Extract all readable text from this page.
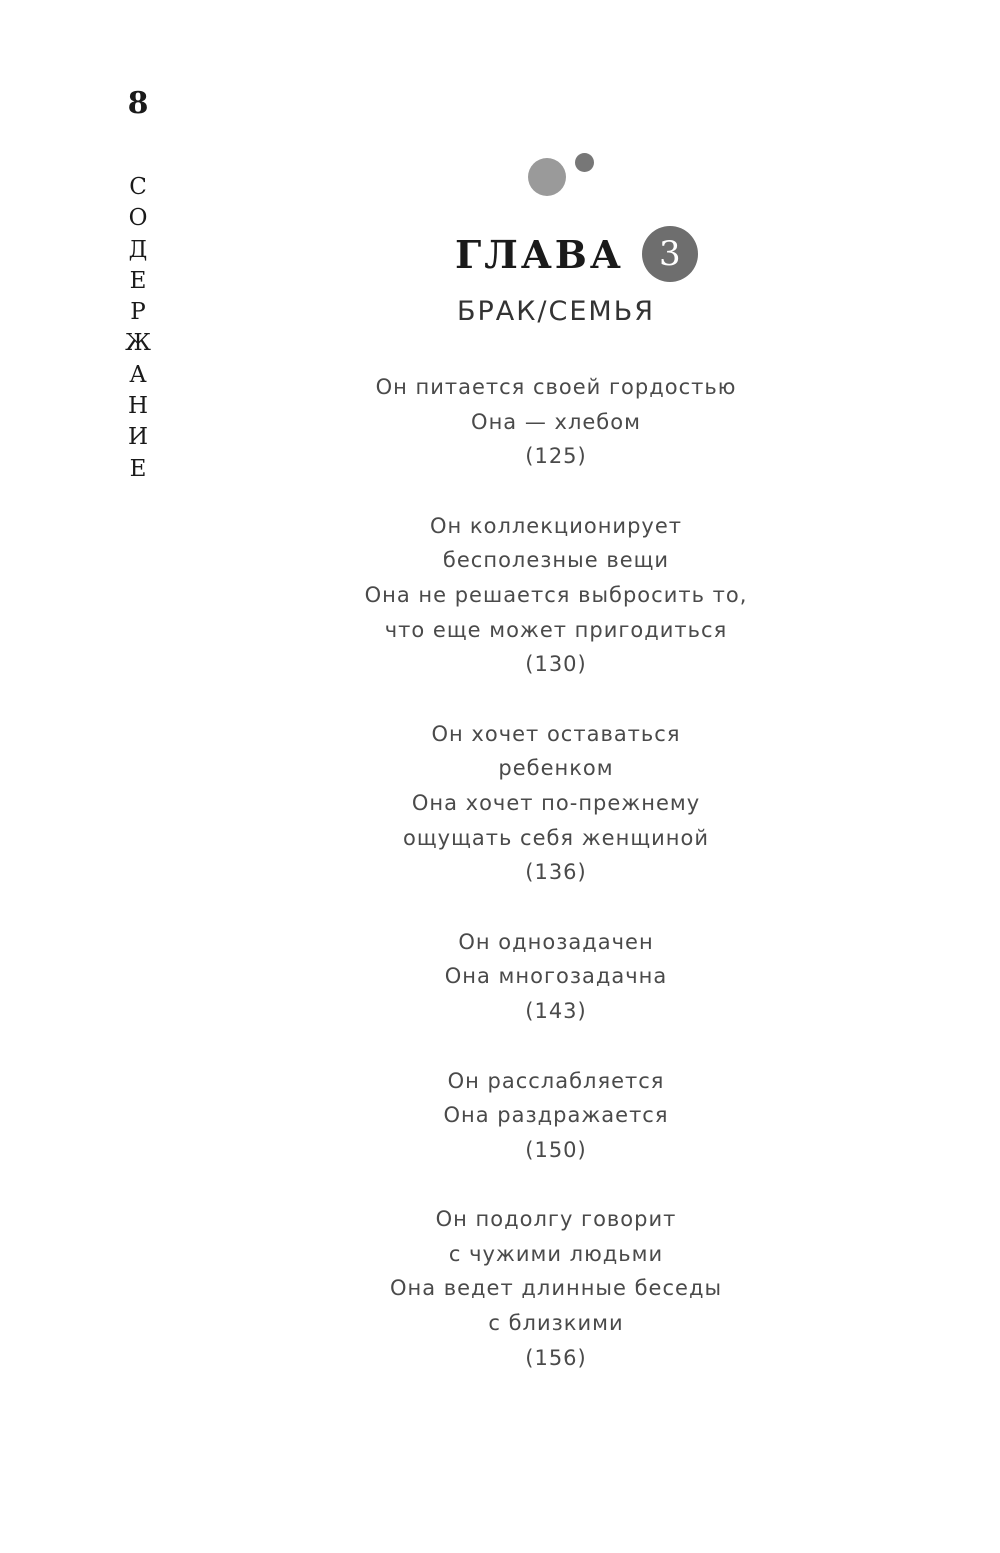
8
С
О
Д
Е
Р
Ж
А
Н
И
Е
ГЛАВА	3
БРАК/СЕМЬЯ
Он питается своей гордостью
Она — хлебом
(125)
Он коллекционирует
бесполезные вещи
Она не решается выбросить то,
что еще может пригодиться
(130)
Он хочет оставаться
ребенком
Она хочет по-прежнему
ощущать себя женщиной
(136)
Он однозадачен
Она многозадачна
(143)
Он расслабляется
Она раздражается
(150)
Он подолгу говорит
с чужими людьми
Она ведет длинные беседы
с близкими
(156)
